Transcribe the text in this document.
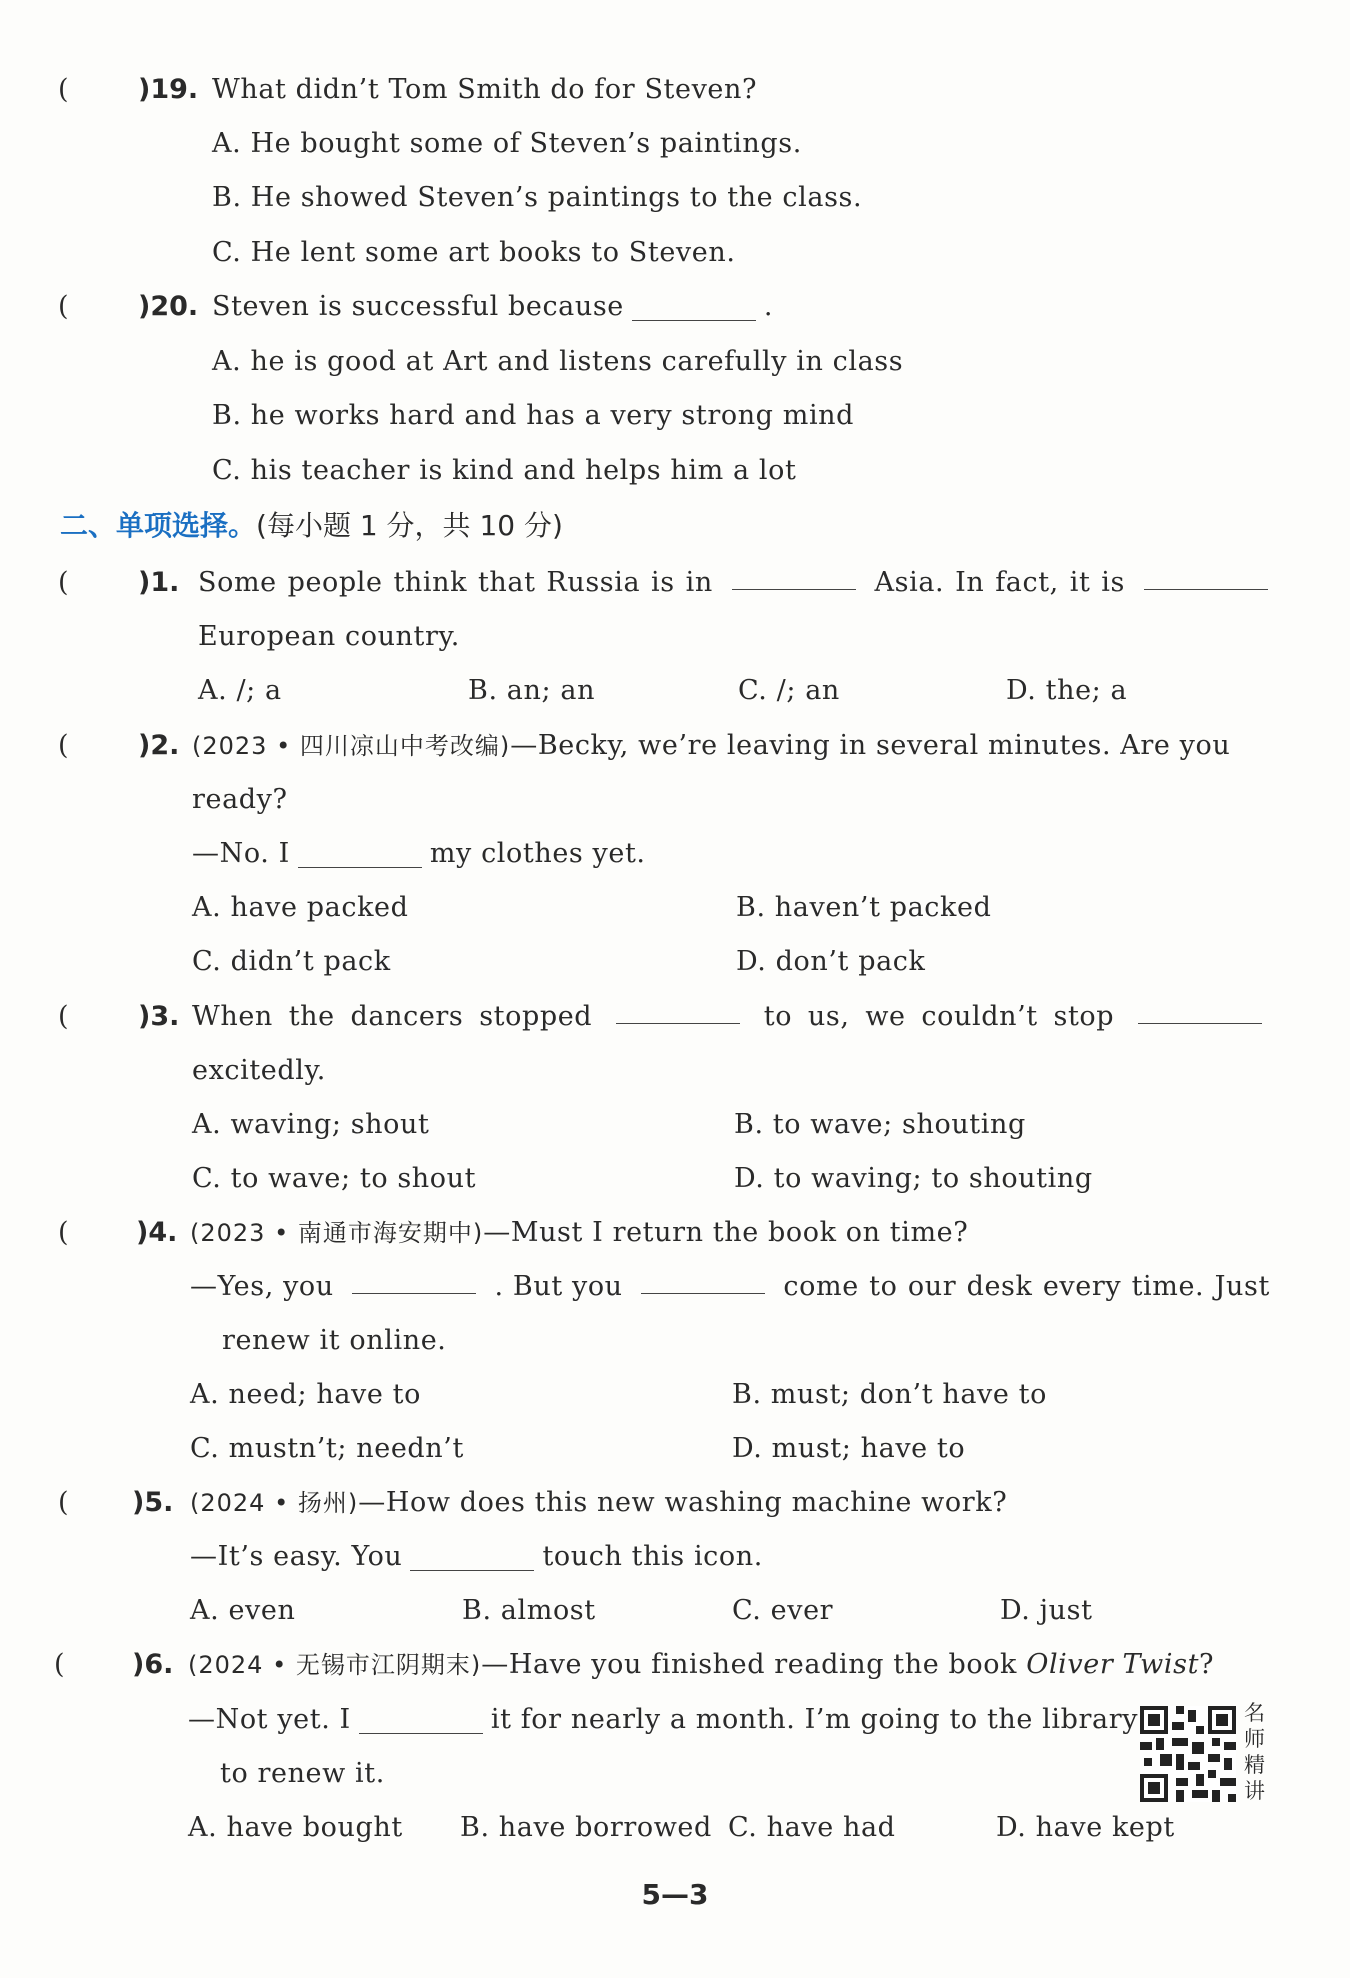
(	)19. What didn’t Tom Smith do for Steven?
A. He bought some of Steven’s paintings.
B. He showed Steven’s paintings to the class.
C. He lent some art books to Steven.
(	)20. Steven is successful because	.
A. he is good at Art and listens carefully in class
B. he works hard and has a very strong mind
C. his teacher is kind and helps him a lot
二、单项选择。(每小题 1 分，共 10 分)
(	)1. Some people think that Russia is in	Asia. In fact, it is
European country.
A. /; a	B. an; an	C. /; an	D. the; a
(	)2. (2023 • 四川凉山中考改编)—Becky, we’re leaving in several minutes. Are you
ready?
—No. I	my clothes yet.
A. have packed	B. haven’t packed
C. didn’t pack	D. don’t pack
(	)3. When the dancers stopped	to us, we couldn’t stop
excitedly.
A. waving; shout	B. to wave; shouting
C. to wave; to shout	D. to waving; to shouting
( )4. (2023 • 南通市海安期中)—Must I return the book on time?
—Yes, you	. But you	come to our desk every time. Just
renew it online.
A. need; have to	B. must; don’t have to
C. mustn’t; needn’t	D. must; have to
( )5. (2024 • 扬州)—How does this new washing machine work?
—It’s easy. You	touch this icon.
A. even	B. almost	C. ever	D. just
( )6. (2024 • 无锡市江阴期末)—Have you finished reading the book Oliver Twist?
—Not yet. I	it for nearly a month. I’m going to the library
to renew it.
A. have bought B. have borrowed C. have had	D. have kept
名师精讲
5—3
